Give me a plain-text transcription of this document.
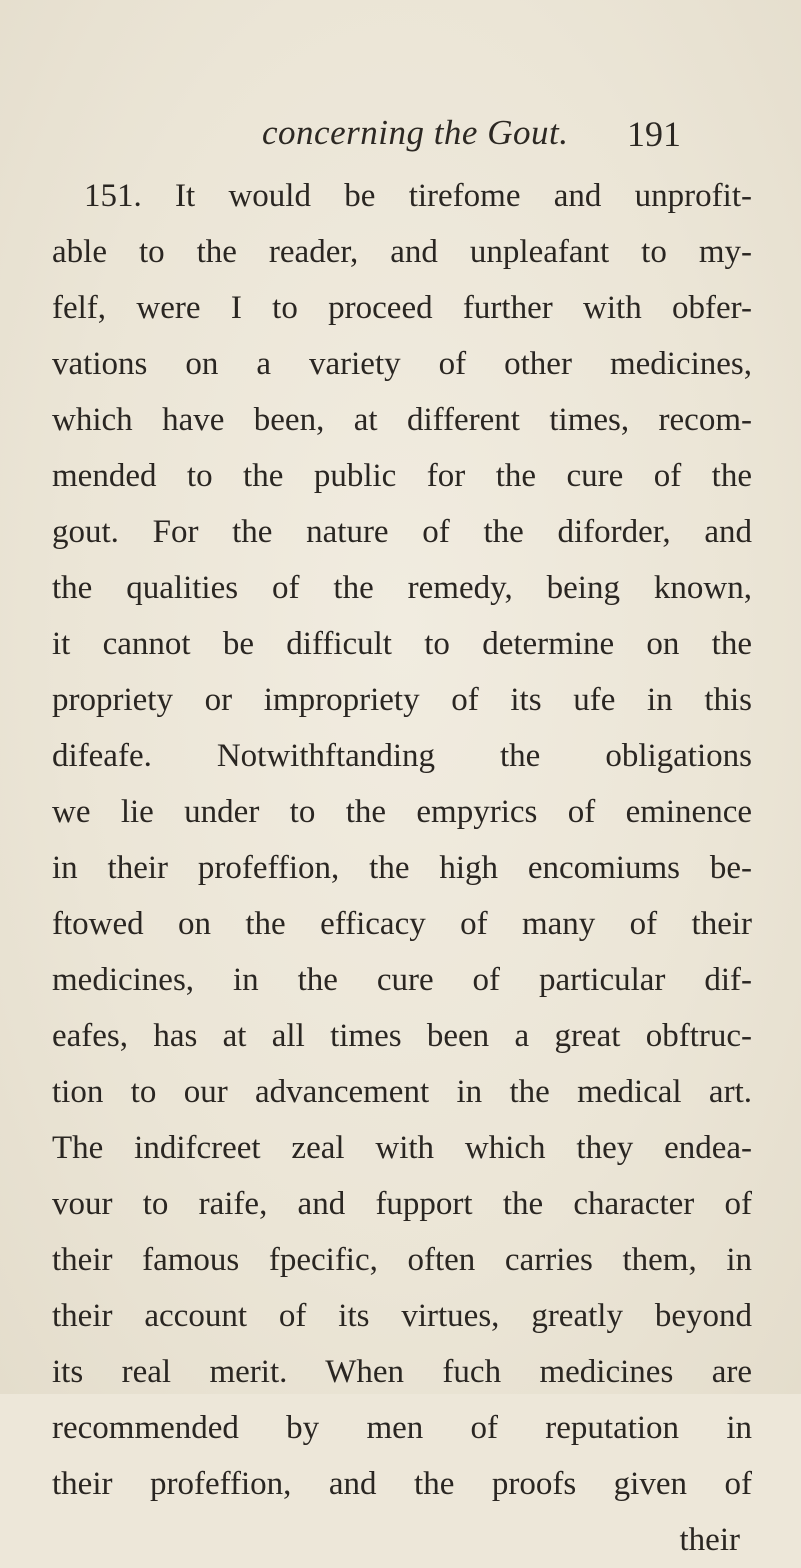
concerning the Gout. 191
151. It would be tirefome and unprofit-
able to the reader, and unpleafant to my-
felf, were I to proceed further with obfer-
vations on a variety of other medicines,
which have been, at different times, recom-
mended to the public for the cure of the
gout. For the nature of the diforder, and
the qualities of the remedy, being known,
it cannot be difficult to determine on the
propriety or impropriety of its ufe in this
difeafe. Notwithftanding the obligations
we lie under to the empyrics of eminence
in their profeffion, the high encomiums be-
ftowed on the efficacy of many of their
medicines, in the cure of particular dif-
eafes, has at all times been a great obftruc-
tion to our advancement in the medical art.
The indifcreet zeal with which they endea-
vour to raife, and fupport the character of
their famous fpecific, often carries them, in
their account of its virtues, greatly beyond
its real merit. When fuch medicines are
recommended by men of reputation in
their profeffion, and the proofs given of
their
